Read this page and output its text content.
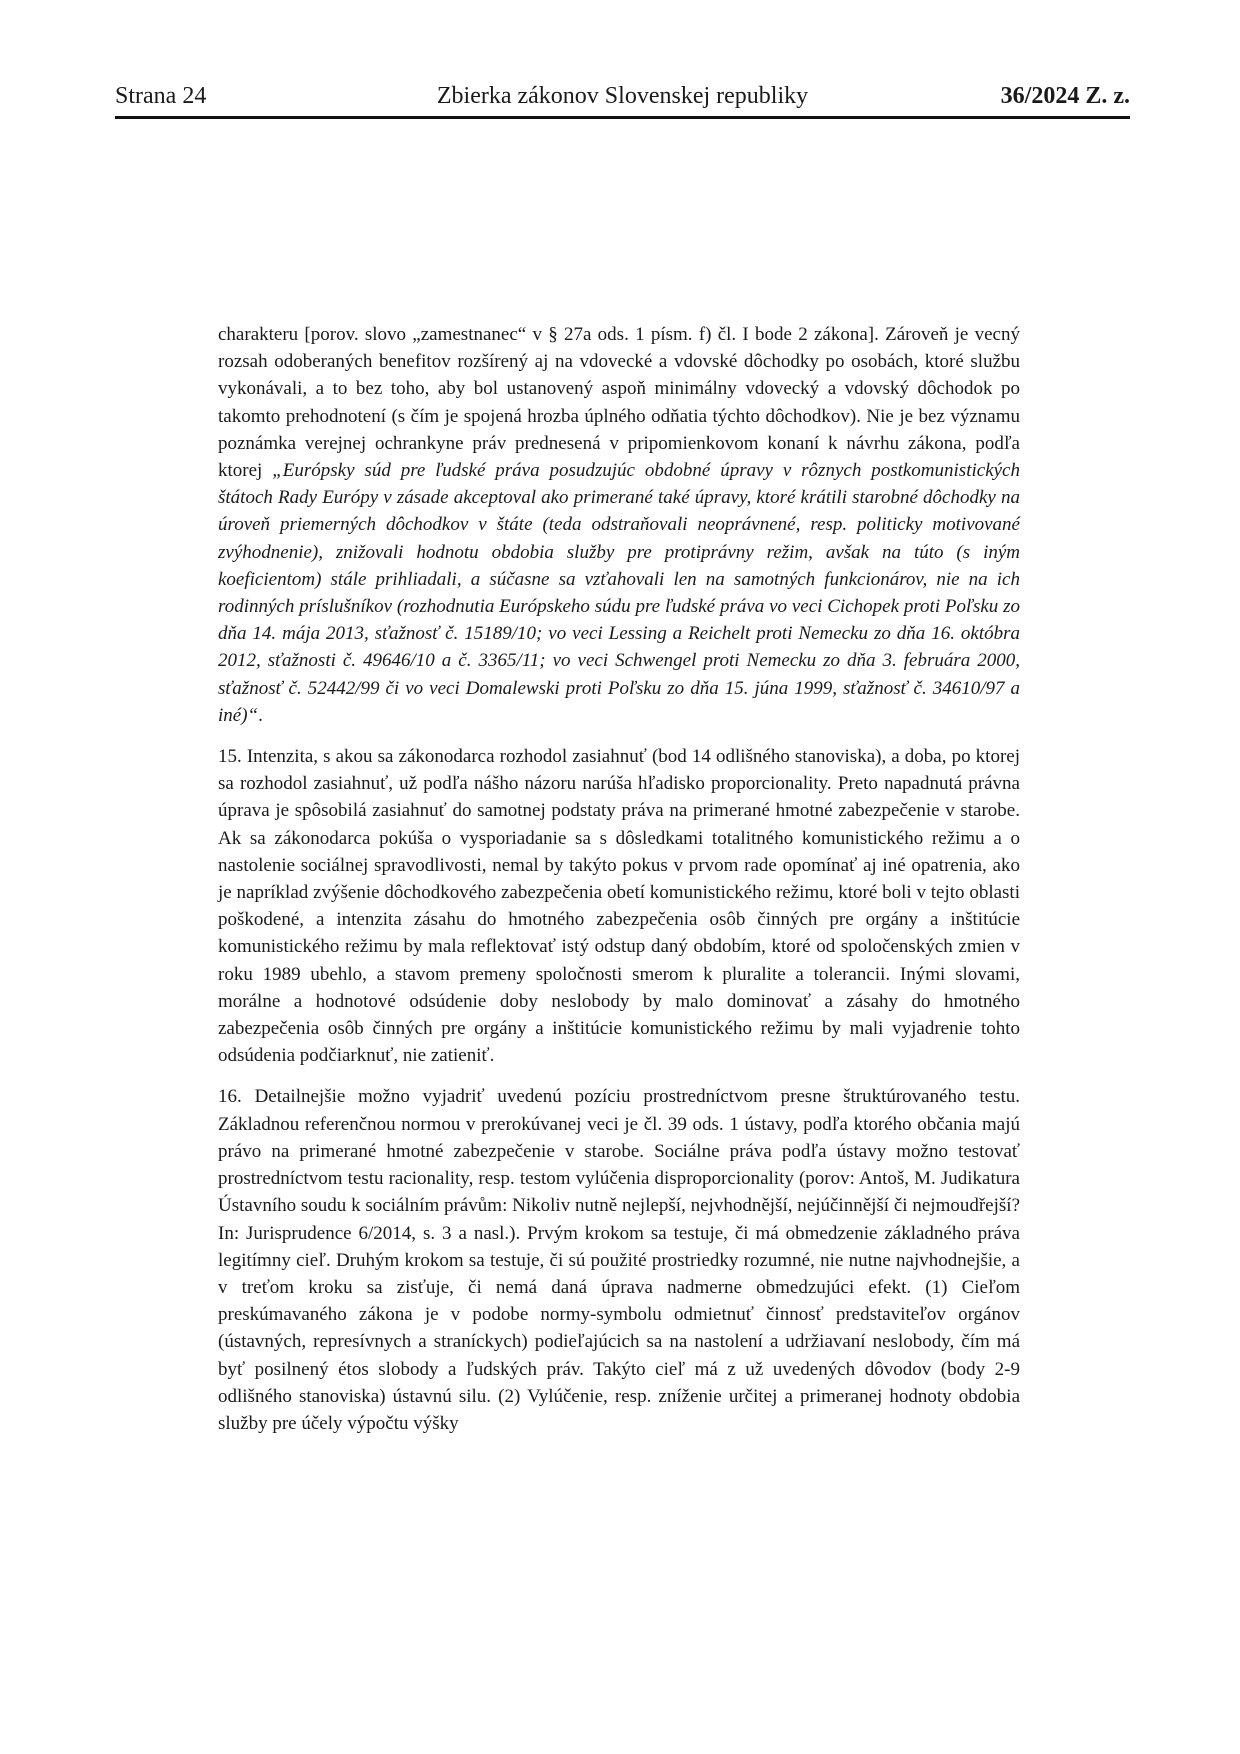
Strana 24	Zbierka zákonov Slovenskej republiky	36/2024 Z. z.

charakteru [porov. slovo „zamestnanec“ v § 27a ods. 1 písm. f) čl. I bode 2 zákona]. Zároveň je vecný rozsah odoberaných benefitov rozšírený aj na vdovecké a vdovské dôchodky po osobách, ktoré službu vykonávali, a to bez toho, aby bol ustanovený aspoň minimálny vdovecký a vdovský dôchodok po takomto prehodnotení (s čím je spojená hrozba úplného odňatia týchto dôchodkov). Nie je bez významu poznámka verejnej ochrankyne práv prednesená v pripomienkovom konaní k návrhu zákona, podľa ktorej „Európsky súd pre ľudské práva posudzujúc obdobné úpravy v rôznych postkomunistických štátoch Rady Európy v zásade akceptoval ako primerané také úpravy, ktoré krátili starobné dôchodky na úroveň priemerných dôchodkov v štáte (teda odstraňovali neoprávnené, resp. politicky motivované zvýhodnenie), znižovali hodnotu obdobia služby pre protiprávny režim, avšak na túto (s iným koeficientom) stále prihliadali, a súčasne sa vzťahovali len na samotných funkcionárov, nie na ich rodinných príslušníkov (rozhodnutia Európskeho súdu pre ľudské práva vo veci Cichopek proti Poľsku zo dňa 14. mája 2013, sťažnosť č. 15189/10; vo veci Lessing a Reichelt proti Nemecku zo dňa 16. októbra 2012, sťažnosti č. 49646/10 a č. 3365/11; vo veci Schwengel proti Nemecku zo dňa 3. februára 2000, sťažnosť č. 52442/99 či vo veci Domalewski proti Poľsku zo dňa 15. júna 1999, sťažnosť č. 34610/97 a iné)“.

15. Intenzita, s akou sa zákonodarca rozhodol zasiahnuť (bod 14 odlišného stanoviska), a doba, po ktorej sa rozhodol zasiahnuť, už podľa nášho názoru narúša hľadisko proporcionality. Preto napadnutá právna úprava je spôsobilá zasiahnuť do samotnej podstaty práva na primerané hmotné zabezpečenie v starobe. Ak sa zákonodarca pokúša o vysporiadanie sa s dôsledkami totalitného komunistického režimu a o nastolenie sociálnej spravodlivosti, nemal by takýto pokus v prvom rade opomínať aj iné opatrenia, ako je napríklad zvýšenie dôchodkového zabezpečenia obetí komunistického režimu, ktoré boli v tejto oblasti poškodené, a intenzita zásahu do hmotného zabezpečenia osôb činných pre orgány a inštitúcie komunistického režimu by mala reflektovať istý odstup daný obdobím, ktoré od spoločenských zmien v roku 1989 ubehlo, a stavom premeny spoločnosti smerom k pluralite a tolerancii. Inými slovami, morálne a hodnotové odsúdenie doby neslobody by malo dominovať a zásahy do hmotného zabezpečenia osôb činných pre orgány a inštitúcie komunistického režimu by mali vyjadrenie tohto odsúdenia podčiarknuť, nie zatieniť.

16. Detailnejšie možno vyjadriť uvedenú pozíciu prostredníctvom presne štruktúrovaného testu. Základnou referenčnou normou v prerokúvanej veci je čl. 39 ods. 1 ústavy, podľa ktorého občania majú právo na primerané hmotné zabezpečenie v starobe. Sociálne práva podľa ústavy možno testovať prostredníctvom testu racionality, resp. testom vylúčenia disproporcionality (porov: Antoš, M. Judikatura Ústavního soudu k sociálním právům: Nikoliv nutně nejlepší, nejvhodnější, nejúčinnější či nejmoudřejší? In: Jurisprudence 6/2014, s. 3 a nasl.). Prvým krokom sa testuje, či má obmedzenie základného práva legitímny cieľ. Druhým krokom sa testuje, či sú použité prostriedky rozumné, nie nutne najvhodnejšie, a v treťom kroku sa zisťuje, či nemá daná úprava nadmerne obmedzujúci efekt. (1) Cieľom preskúmavaného zákona je v podobe normy-symbolu odmietnuť činnosť predstaviteľov orgánov (ústavných, represívnych a straníckych) podieľajúcich sa na nastolení a udržiavaní neslobody, čím má byť posilnený étos slobody a ľudských práv. Takýto cieľ má z už uvedených dôvodov (body 2-9 odlišného stanoviska) ústavnú silu. (2) Vylúčenie, resp. zníženie určitej a primeranej hodnoty obdobia služby pre účely výpočtu výšky
